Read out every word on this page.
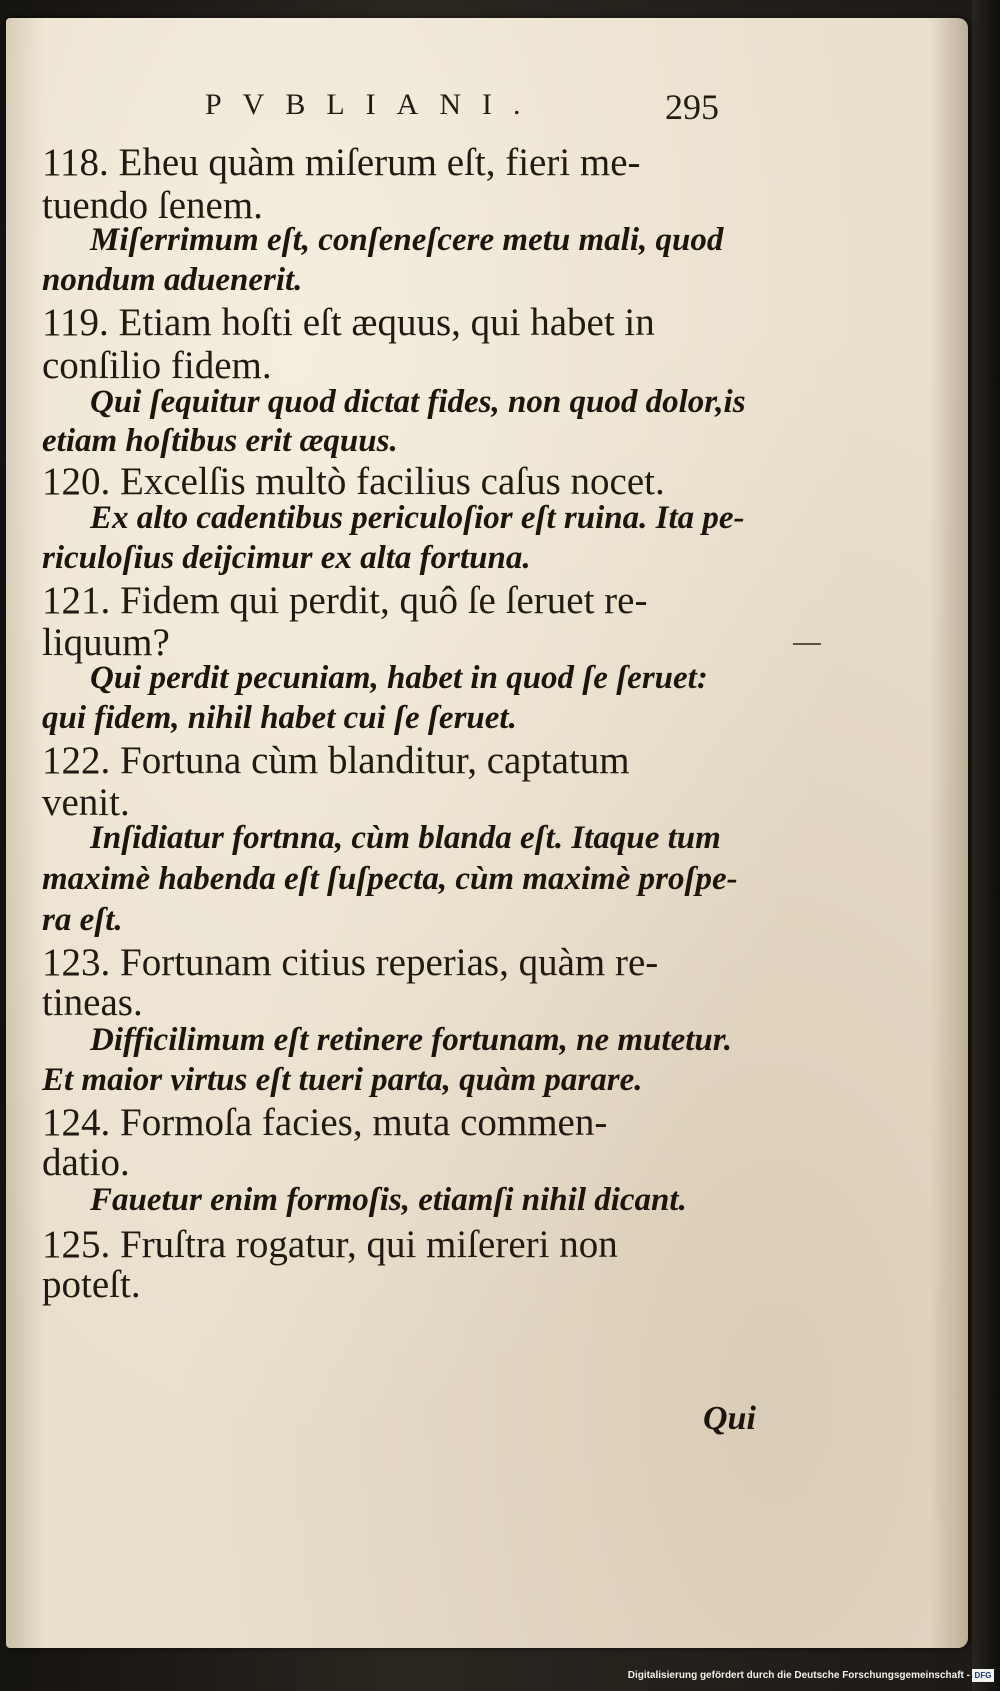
PVBLIANI.	295
118. Eheu quàm miſerum eſt, fieri me-
tuendo ſenem.
Miſerrimum eſt, conſeneſcere metu mali, quod
nondum aduenerit.
119. Etiam hoſti eſt æquus, qui habet in
conſilio fidem.
Qui ſequitur quod dictat fides, non quod dolor,is
etiam hoſtibus erit æquus.
120. Excelſis multò facilius caſus nocet.
Ex alto cadentibus periculoſior eſt ruina. Ita pe-
riculoſius deijcimur ex alta fortuna.
121. Fidem qui perdit, quô ſe ſeruet re-
liquum?
Qui perdit pecuniam, habet in quod ſe ſeruet:
qui fidem, nihil habet cui ſe ſeruet.
122. Fortuna cùm blanditur, captatum
venit.
Inſidiatur fortnna, cùm blanda eſt. Itaque tum
maximè habenda eſt ſuſpecta, cùm maximè proſpe-
ra eſt.
123. Fortunam citius reperias, quàm re-
tineas.
Difficilimum eſt retinere fortunam, ne mutetur.
Et maior virtus eſt tueri parta, quàm parare.
124. Formoſa facies, muta commen-
datio.
Fauetur enim formoſis, etiamſi nihil dicant.
125. Fruſtra rogatur, qui miſereri non
poteſt.
Qui
Digitalisierung gefördert durch die Deutsche Forschungsgemeinschaft - DFG
